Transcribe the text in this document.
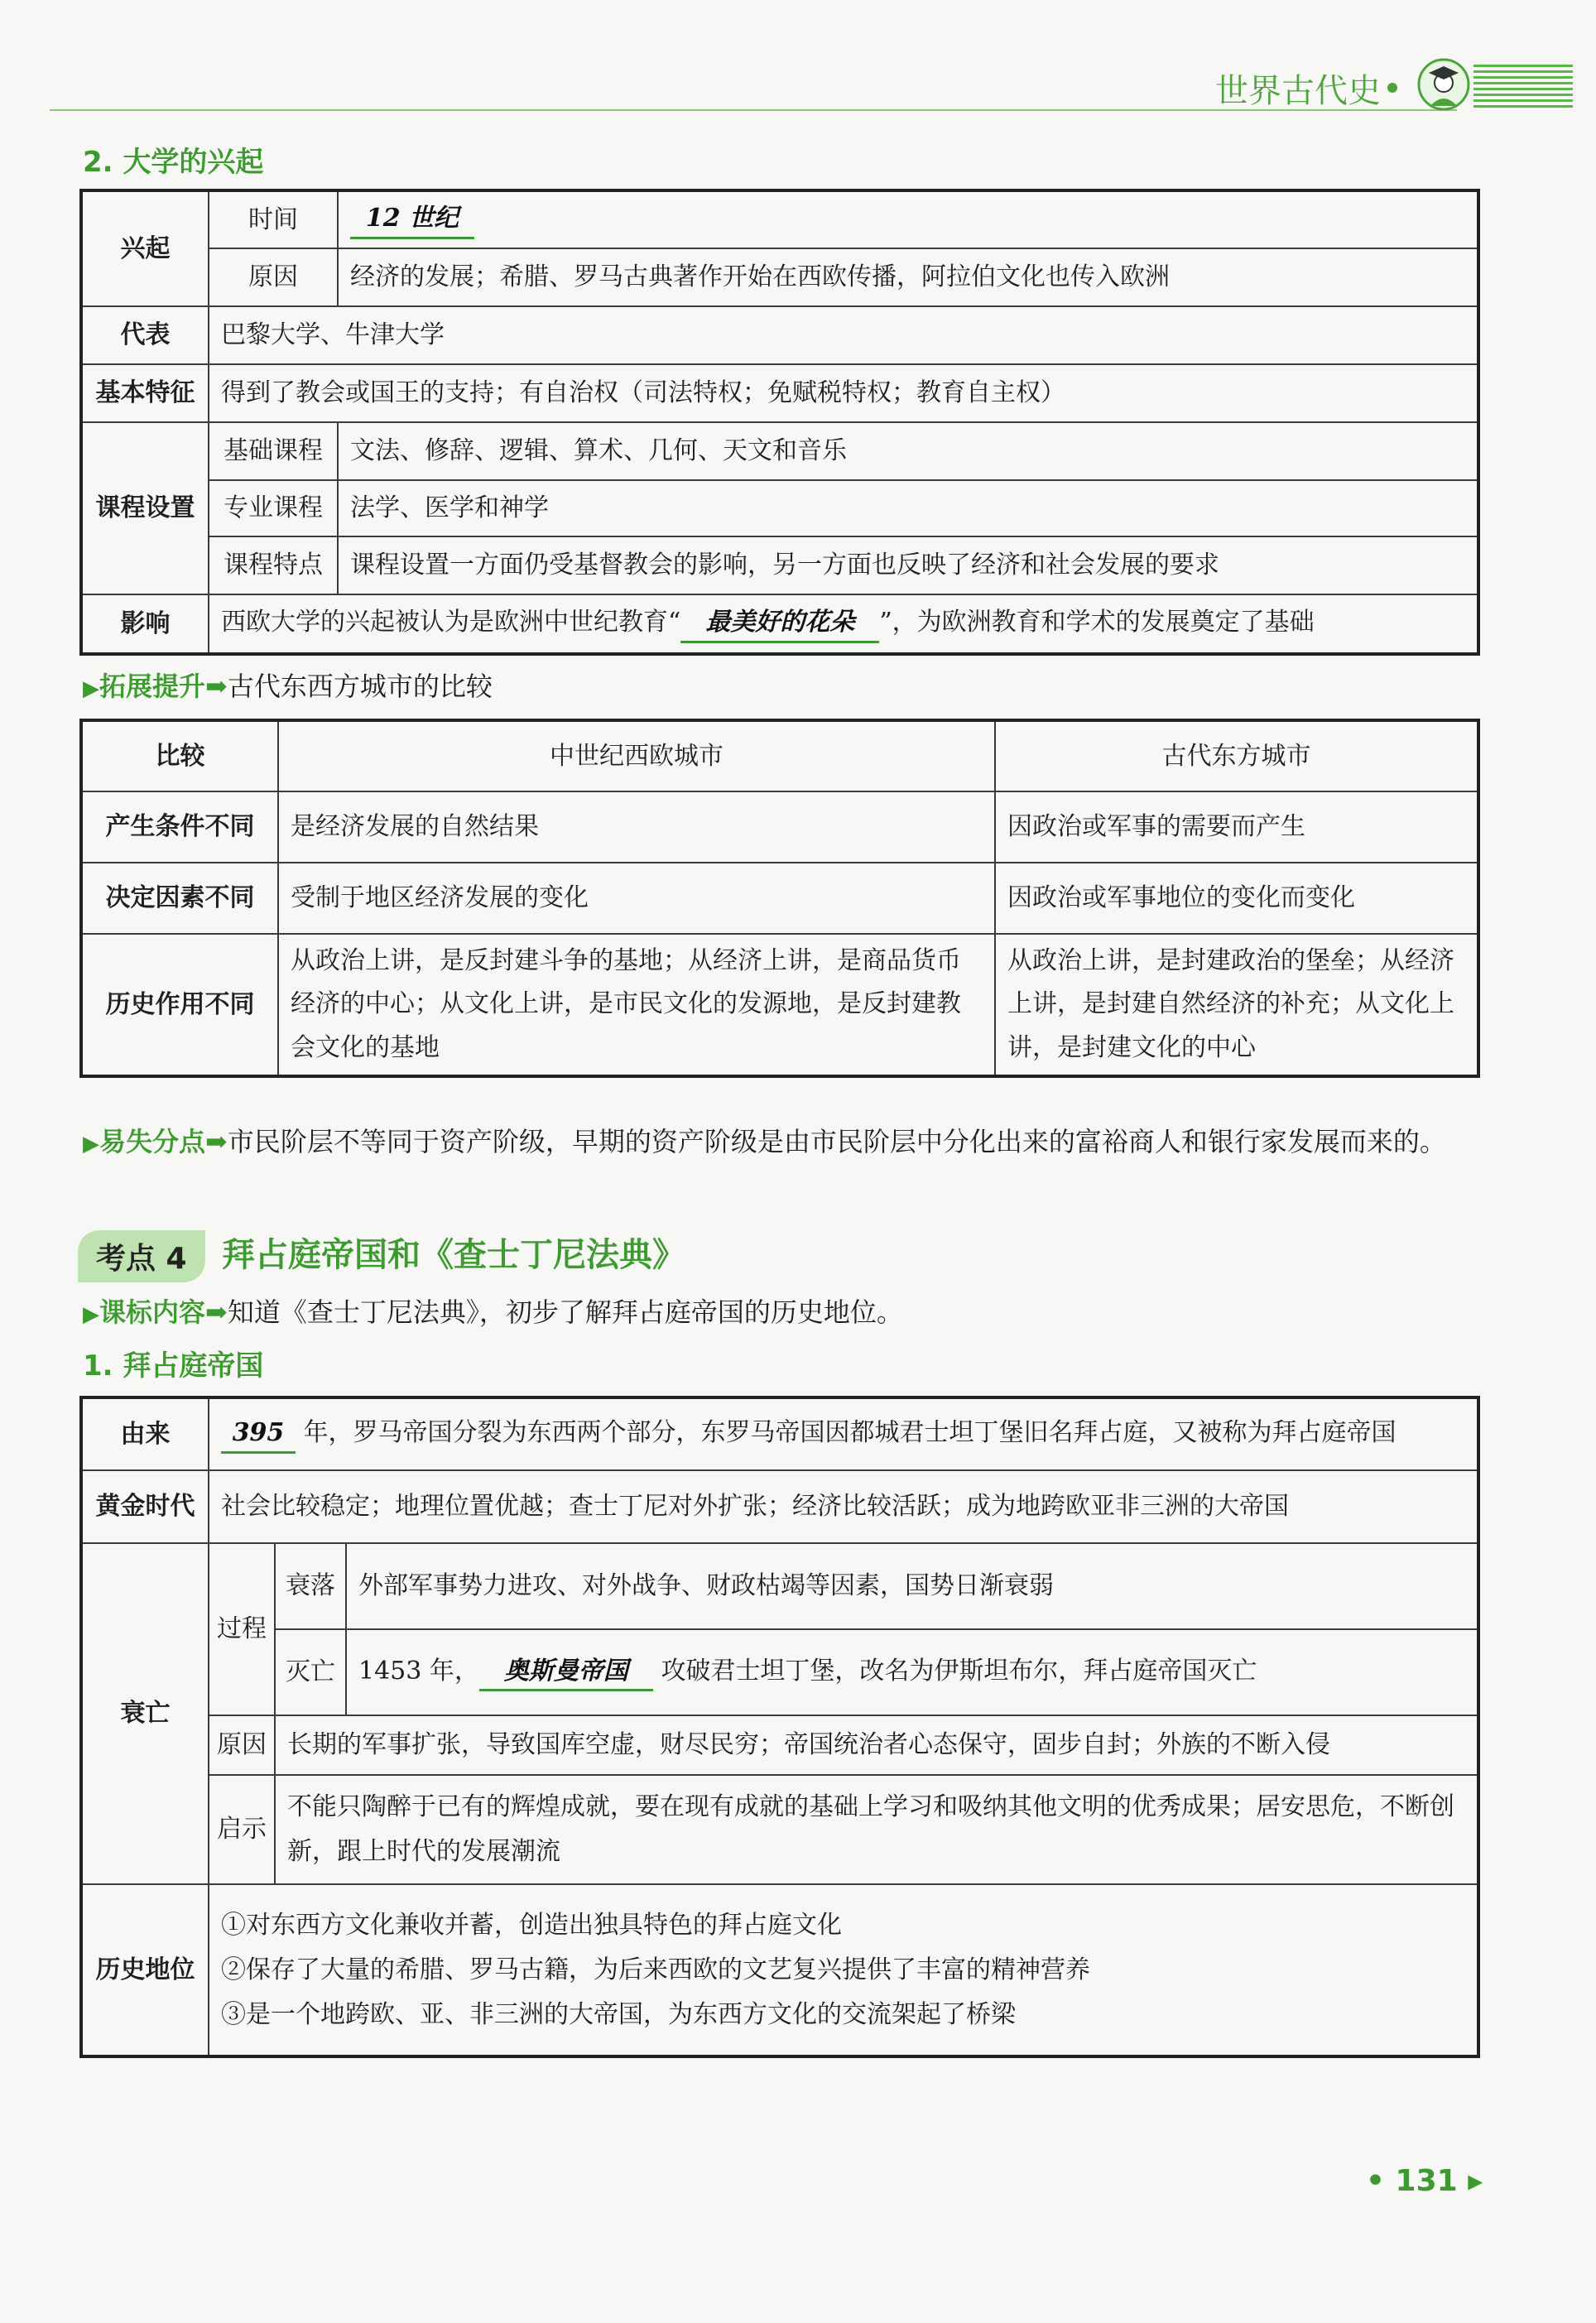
世界古代史
2. 大学的兴起
兴起	时间	12 世纪
	原因	经济的发展；希腊、罗马古典著作开始在西欧传播，阿拉伯文化也传入欧洲
代表	巴黎大学、牛津大学	
基本特征	得到了教会或国王的支持；有自治权（司法特权；免赋税特权；教育自主权）	
课程设置	基础课程	文法、修辞、逻辑、算术、几何、天文和音乐
	专业课程	法学、医学和神学
	课程特点	课程设置一方面仍受基督教会的影响，另一方面也反映了经济和社会发展的要求
影响	西欧大学的兴起被认为是欧洲中世纪教育“ 最美好的花朵 ”，为欧洲教育和学术的发展奠定了基础	
▶拓展提升➡古代东西方城市的比较
比较	中世纪西欧城市	古代东方城市
产生条件不同	是经济发展的自然结果	因政治或军事的需要而产生
决定因素不同	受制于地区经济发展的变化	因政治或军事地位的变化而变化
历史作用不同	从政治上讲，是反封建斗争的基地；从经济上讲，是商品货币经济的中心；从文化上讲，是市民文化的发源地，是反封建教会文化的基地	从政治上讲，是封建政治的堡垒；从经济上讲，是封建自然经济的补充；从文化上讲，是封建文化的中心
▶易失分点➡市民阶层不等同于资产阶级，早期的资产阶级是由市民阶层中分化出来的富裕商人和银行家发展而来的。
考点 4	拜占庭帝国和《查士丁尼法典》
▶课标内容➡知道《查士丁尼法典》，初步了解拜占庭帝国的历史地位。
1. 拜占庭帝国
由来	395 年，罗马帝国分裂为东西两个部分，东罗马帝国因都城君士坦丁堡旧名拜占庭，又被称为拜占庭帝国		
黄金时代	社会比较稳定；地理位置优越；查士丁尼对外扩张；经济比较活跃；成为地跨欧亚非三洲的大帝国		
衰亡	过程	衰落	外部军事势力进攻、对外战争、财政枯竭等因素，国势日渐衰弱
		灭亡	1453 年， 奥斯曼帝国 攻破君士坦丁堡，改名为伊斯坦布尔，拜占庭帝国灭亡
	原因	长期的军事扩张，导致国库空虚，财尽民穷；帝国统治者心态保守，固步自封；外族的不断入侵	
	启示	不能只陶醉于已有的辉煌成就，要在现有成就的基础上学习和吸纳其他文明的优秀成果；居安思危，不断创新，跟上时代的发展潮流	
历史地位	①对东西方文化兼收并蓄，创造出独具特色的拜占庭文化
②保存了大量的希腊、罗马古籍，为后来西欧的文艺复兴提供了丰富的精神营养
③是一个地跨欧、亚、非三洲的大帝国，为东西方文化的交流架起了桥梁		
• 131 ▸
